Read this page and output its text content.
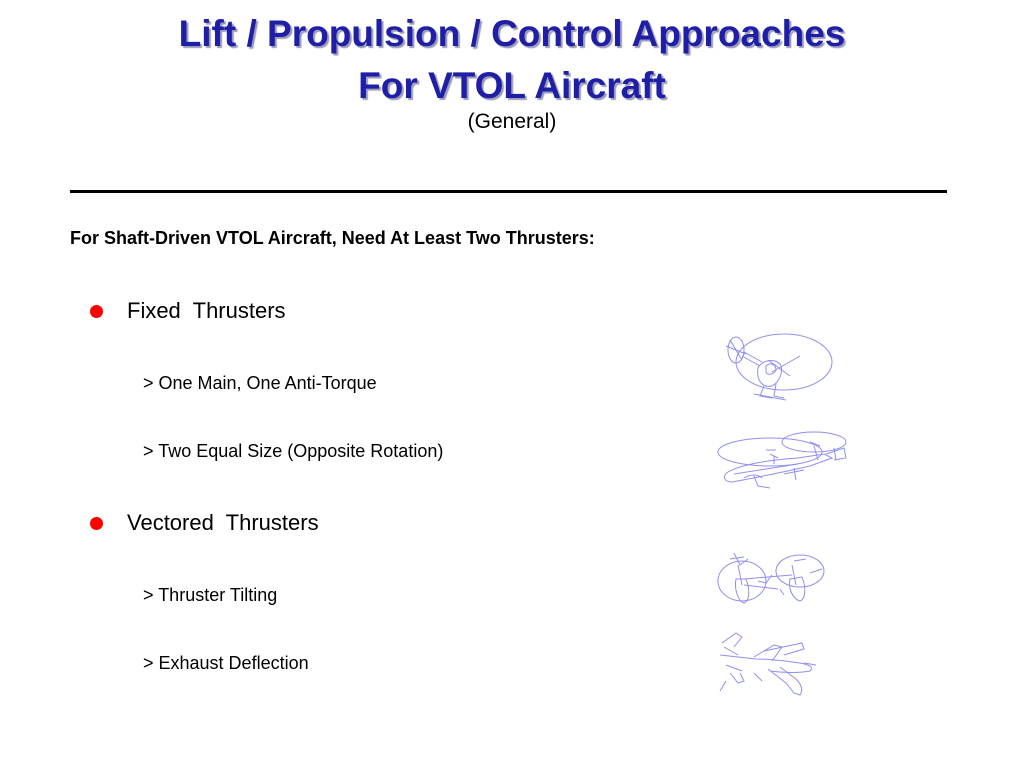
Lift / Propulsion / Control Approaches
For VTOL Aircraft
(General)
For Shaft-Driven VTOL Aircraft, Need At Least Two Thrusters:
Fixed  Thrusters
> One Main, One Anti-Torque
> Two Equal Size (Opposite Rotation)
Vectored  Thrusters
> Thruster Tilting
> Exhaust Deflection
